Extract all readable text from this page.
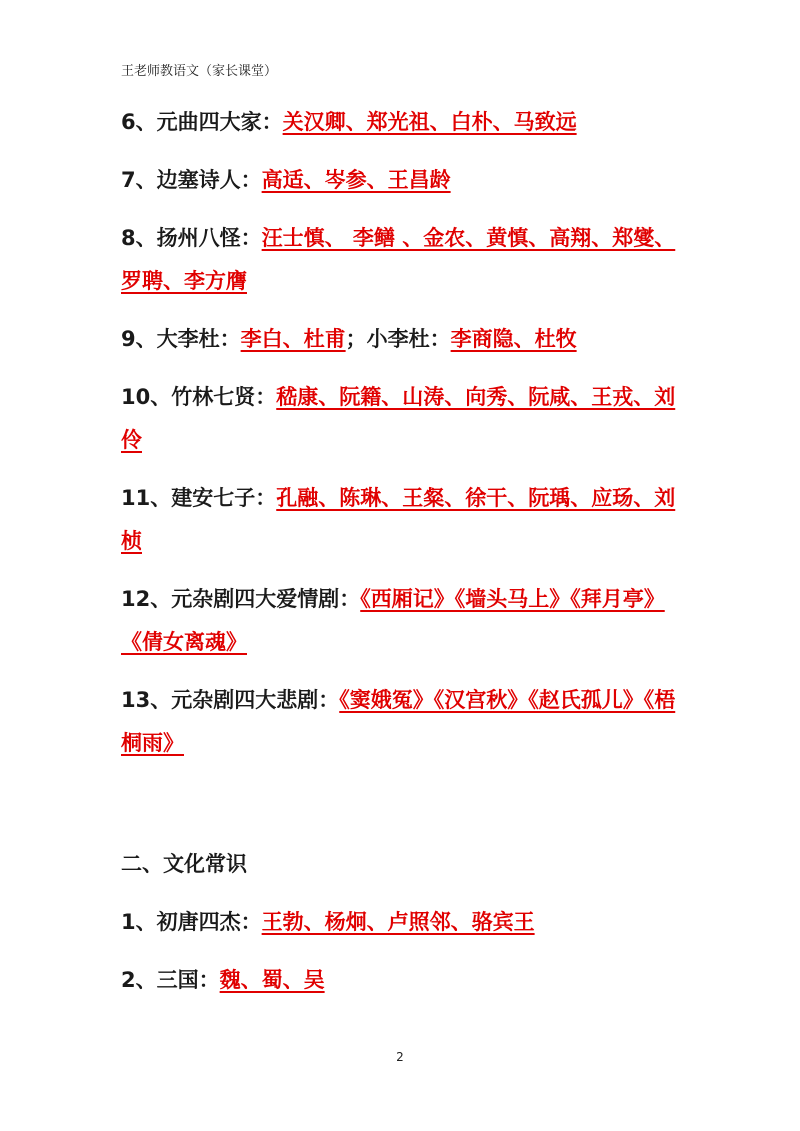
王老师教语文（家长课堂）

6、元曲四大家：关汉卿、郑光祖、白朴、马致远

7、边塞诗人：高适、岑参、王昌龄

8、扬州八怪：汪士慎、 李鳝 、金农、黄慎、高翔、郑燮、罗聘、李方膺

9、大李杜：李白、杜甫；小李杜：李商隐、杜牧

10、竹林七贤：嵇康、阮籍、山涛、向秀、阮咸、王戎、刘伶

11、建安七子：孔融、陈琳、王粲、徐干、阮瑀、应玚、刘桢

12、元杂剧四大爱情剧：《西厢记》《墙头马上》《拜月亭》《倩女离魂》

13、元杂剧四大悲剧：《窦娥冤》《汉宫秋》《赵氏孤儿》《梧桐雨》

二、文化常识

1、初唐四杰：王勃、杨炯、卢照邻、骆宾王

2、三国：魏、蜀、吴

2
